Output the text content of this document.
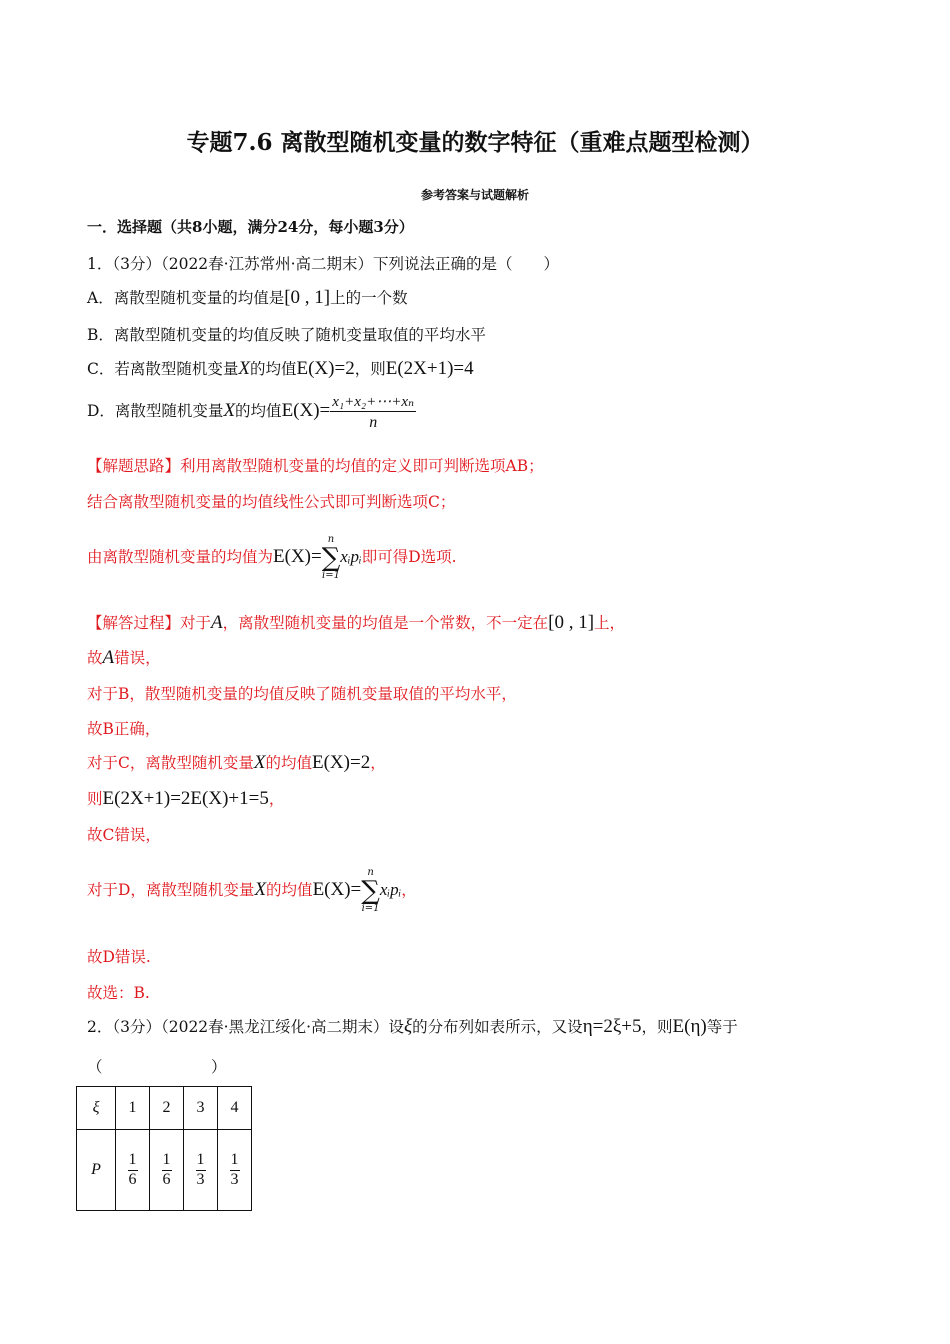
专题7.6 离散型随机变量的数字特征（重难点题型检测）
参考答案与试题解析
一．选择题（共8小题，满分24分，每小题3分）
1．（3分）（2022春·江苏常州·高二期末）下列说法正确的是（　　）
A．离散型随机变量的均值是[0 , 1]上的一个数
B．离散型随机变量的均值反映了随机变量取值的平均水平
C．若离散型随机变量X的均值E(X)=2，则E(2X+1)=4
D．离散型随机变量X的均值$E(X)= \frac{\text{x₁+x₂+⋯+xₙ}}{n}$
【解题思路】利用离散型随机变量的均值的定义即可判断选项AB；
结合离散型随机变量的均值线性公式即可判断选项C；
由离散型随机变量的均值为E(X)=
n
∑
i=1
xᵢpᵢ即可得D选项.
【解答过程】对于A，离散型随机变量的均值是一个常数，不一定在[0 , 1]上，
故A错误，
对于B，散型随机变量的均值反映了随机变量取值的平均水平，
故B正确，
对于C，离散型随机变量X的均值E(X)=2，
则E(2X+1)=2E(X)+1=5，
故C错误，
对于D，离散型随机变量X的均值E(X)=
n
∑
i=1
xᵢpᵢ，
故D错误.
故选：B.
2．（3分）（2022春·黑龙江绥化·高二期末）设ξ的分布列如表所示，又设η=2ξ+5，则E(η)等于
（　　　　　　　）
ξ	1	2	3	4
P	$\frac{1}{6}$	$\frac{1}{6}$	$\frac{1}{3}$	$\frac{1}{3}$
